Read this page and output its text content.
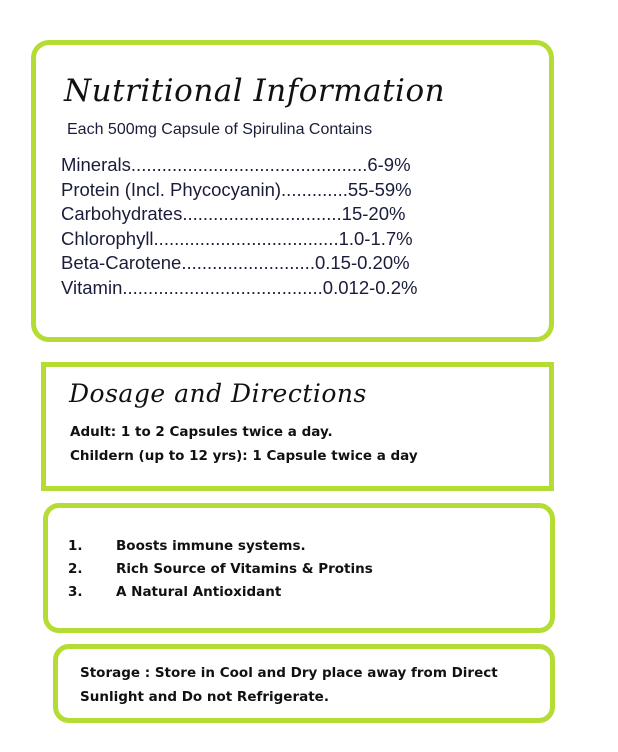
Nutritional Information
Each 500mg Capsule of Spirulina Contains
Minerals..............................................6-9%
Protein (Incl. Phycocyanin).............55-59%
Carbohydrates...............................15-20%
Chlorophyll....................................1.0-1.7%
Beta-Carotene..........................0.15-0.20%
Vitamin.......................................0.012-0.2%
Dosage and Directions
Adult: 1 to 2 Capsules twice a day.
Childern (up to 12 yrs): 1 Capsule twice a day
1.	Boosts immune systems.
2.	Rich Source of Vitamins & Protins
3.	A Natural Antioxidant
Storage : Store in Cool and Dry place away from Direct
Sunlight and Do not Refrigerate.
